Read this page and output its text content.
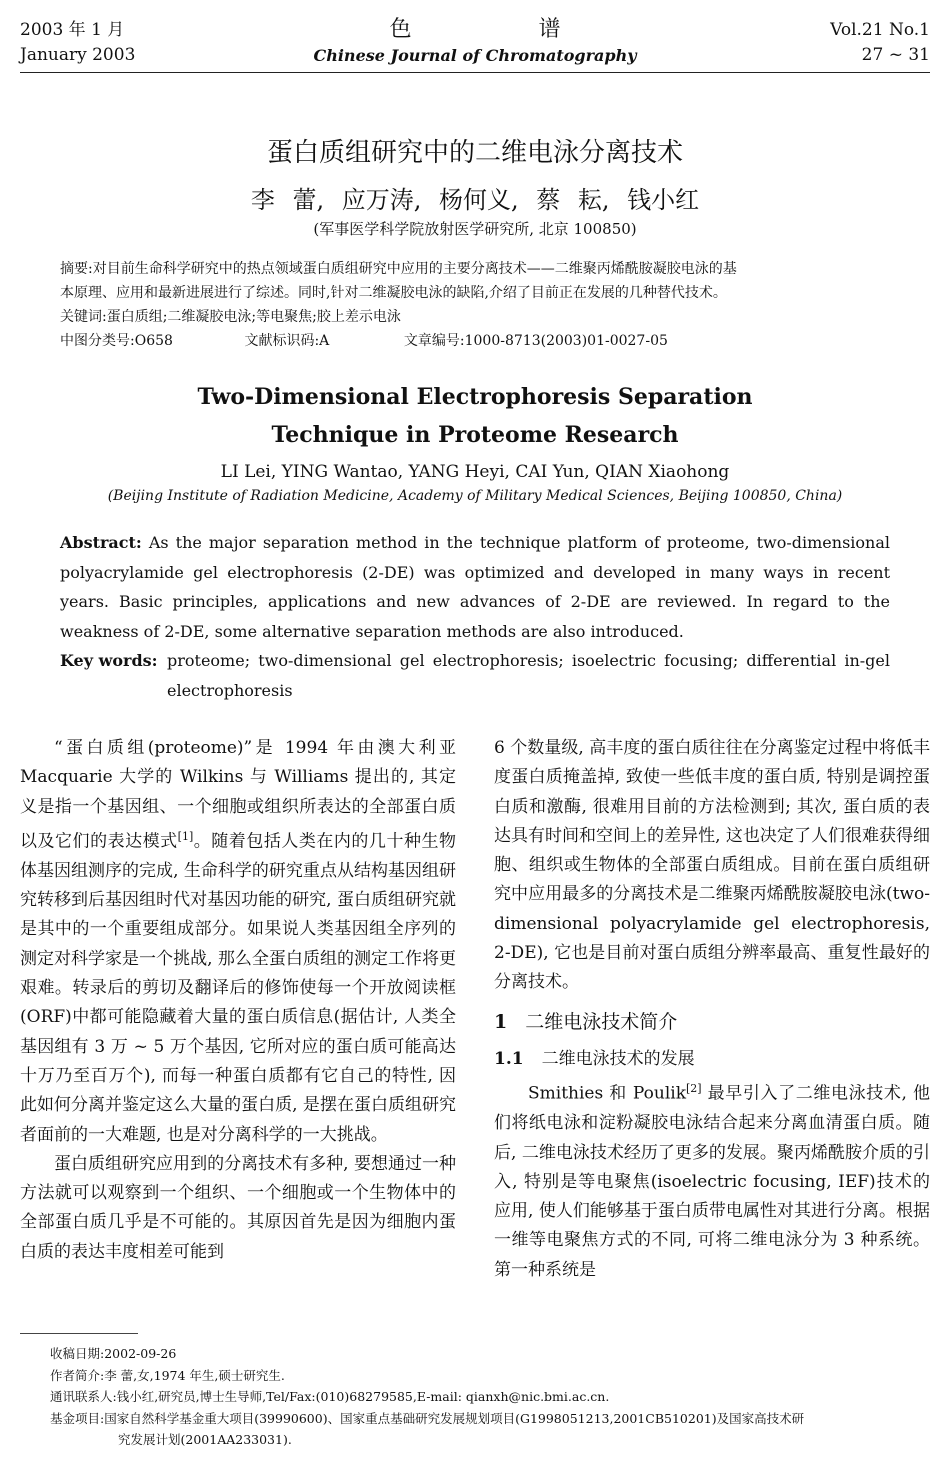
2003 年 1 月
January 2003
色 谱
Chinese Journal of Chromatography
Vol.21 No.1
27 ~ 31
蛋白质组研究中的二维电泳分离技术
李 蕾, 应万涛, 杨何义, 蔡 耘, 钱小红
(军事医学科学院放射医学研究所, 北京 100850)
摘要:对目前生命科学研究中的热点领域蛋白质组研究中应用的主要分离技术——二维聚丙烯酰胺凝胶电泳的基
本原理、应用和最新进展进行了综述。同时,针对二维凝胶电泳的缺陷,介绍了目前正在发展的几种替代技术。
关键词:蛋白质组;二维凝胶电泳;等电聚焦;胶上差示电泳
中图分类号:O658	文献标识码:A	文章编号:1000-8713(2003)01-0027-05
Two-Dimensional Electrophoresis Separation
Technique in Proteome Research
LI Lei, YING Wantao, YANG Heyi, CAI Yun, QIAN Xiaohong
(Beijing Institute of Radiation Medicine, Academy of Military Medical Sciences, Beijing 100850, China)
Abstract: As the major separation method in the technique platform of proteome, two-dimensional polyacrylamide gel electrophoresis (2-DE) was optimized and developed in many ways in recent years. Basic principles, applications and new advances of 2-DE are reviewed. In regard to the weakness of 2-DE, some alternative separation methods are also introduced.
Key words: proteome; two-dimensional gel electrophoresis; isoelectric focusing; differential in-gel electrophoresis

“蛋白质组(proteome)”是 1994 年由澳大利亚 Macquarie 大学的 Wilkins 与 Williams 提出的, 其定义是指一个基因组、一个细胞或组织所表达的全部蛋白质以及它们的表达模式[1]。随着包括人类在内的几十种生物体基因组测序的完成, 生命科学的研究重点从结构基因组研究转移到后基因组时代对基因功能的研究, 蛋白质组研究就是其中的一个重要组成部分。如果说人类基因组全序列的测定对科学家是一个挑战, 那么全蛋白质组的测定工作将更艰难。转录后的剪切及翻译后的修饰使每一个开放阅读框(ORF)中都可能隐藏着大量的蛋白质信息(据估计, 人类全基因组有 3 万 ~ 5 万个基因, 它所对应的蛋白质可能高达十万乃至百万个), 而每一种蛋白质都有它自己的特性, 因此如何分离并鉴定这么大量的蛋白质, 是摆在蛋白质组研究者面前的一大难题, 也是对分离科学的一大挑战。

蛋白质组研究应用到的分离技术有多种, 要想通过一种方法就可以观察到一个组织、一个细胞或一个生物体中的全部蛋白质几乎是不可能的。其原因首先是因为细胞内蛋白质的表达丰度相差可能到

6 个数量级, 高丰度的蛋白质往往在分离鉴定过程中将低丰度蛋白质掩盖掉, 致使一些低丰度的蛋白质, 特别是调控蛋白质和激酶, 很难用目前的方法检测到; 其次, 蛋白质的表达具有时间和空间上的差异性, 这也决定了人们很难获得细胞、组织或生物体的全部蛋白质组成。目前在蛋白质组研究中应用最多的分离技术是二维聚丙烯酰胺凝胶电泳(two-dimensional polyacrylamide gel electrophoresis, 2-DE), 它也是目前对蛋白质组分辨率最高、重复性最好的分离技术。

1 二维电泳技术简介

1.1 二维电泳技术的发展

Smithies 和 Poulik[2] 最早引入了二维电泳技术, 他们将纸电泳和淀粉凝胶电泳结合起来分离血清蛋白质。随后, 二维电泳技术经历了更多的发展。聚丙烯酰胺介质的引入, 特别是等电聚焦(isoelectric focusing, IEF)技术的应用, 使人们能够基于蛋白质带电属性对其进行分离。根据一维等电聚焦方式的不同, 可将二维电泳分为 3 种系统。第一种系统是

收稿日期:2002-09-26
作者简介:李 蕾,女,1974 年生,硕士研究生.
通讯联系人:钱小红,研究员,博士生导师,Tel/Fax:(010)68279585,E-mail: qianxh@nic.bmi.ac.cn.
基金项目:国家自然科学基金重大项目(39990600)、国家重点基础研究发展规划项目(G1998051213,2001CB510201)及国家高技术研
究发展计划(2001AA233031).
